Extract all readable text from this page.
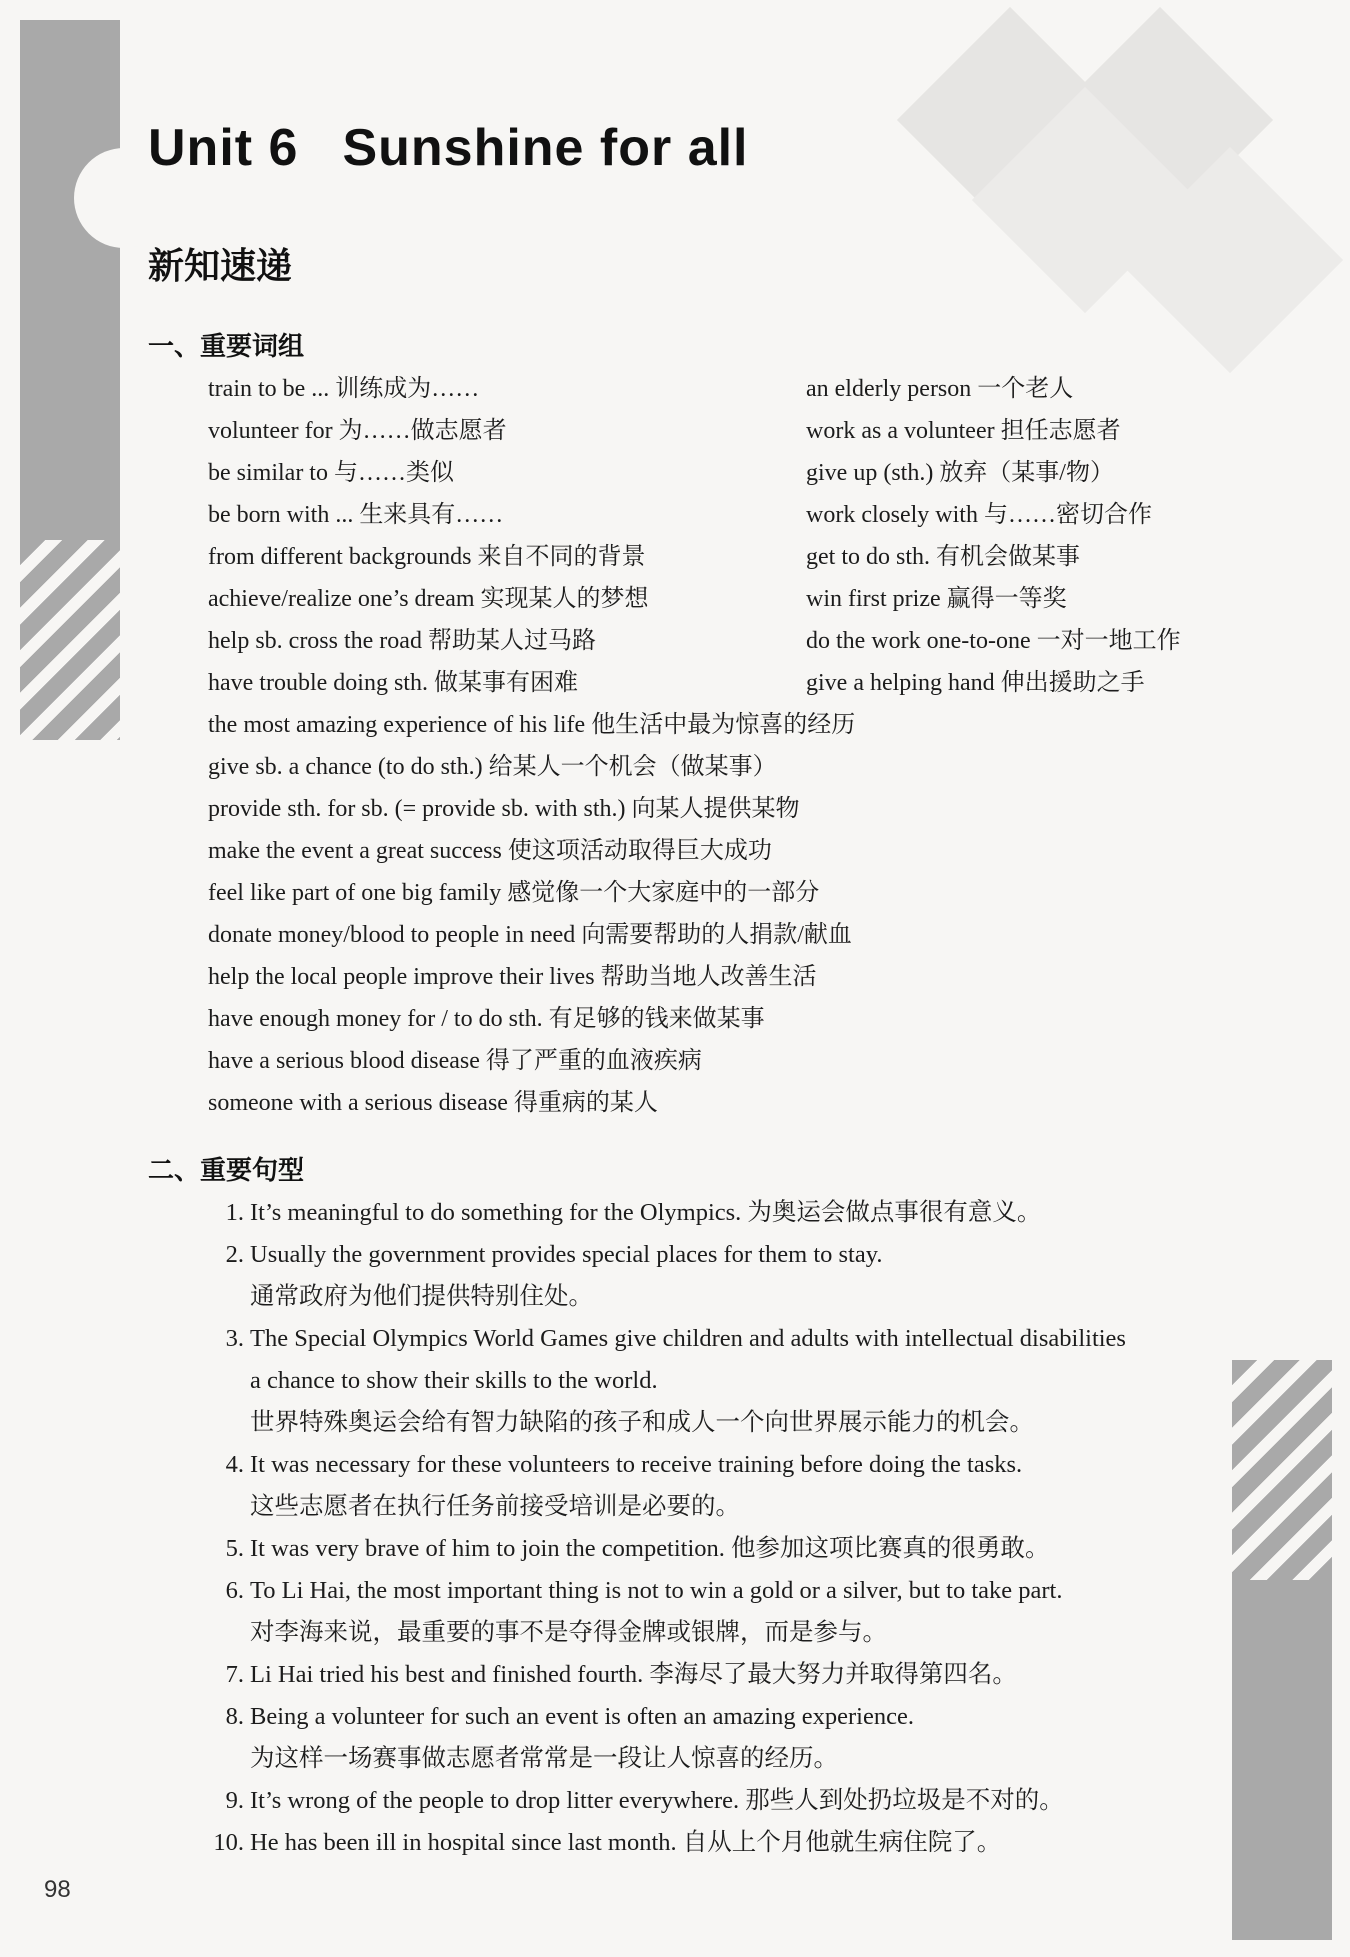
Unit 6 Sunshine for all
新知速递
一、重要词组
train to be ... 训练成为……	an elderly person 一个老人
volunteer for 为……做志愿者	work as a volunteer 担任志愿者
be similar to 与……类似	give up (sth.) 放弃（某事/物）
be born with ... 生来具有……	work closely with 与……密切合作
from different backgrounds 来自不同的背景	get to do sth. 有机会做某事
achieve/realize one’s dream 实现某人的梦想	win first prize 赢得一等奖
help sb. cross the road 帮助某人过马路	do the work one-to-one 一对一地工作
have trouble doing sth. 做某事有困难	give a helping hand 伸出援助之手
the most amazing experience of his life 他生活中最为惊喜的经历
give sb. a chance (to do sth.) 给某人一个机会（做某事）
provide sth. for sb. (= provide sb. with sth.) 向某人提供某物
make the event a great success 使这项活动取得巨大成功
feel like part of one big family 感觉像一个大家庭中的一部分
donate money/blood to people in need 向需要帮助的人捐款/献血
help the local people improve their lives 帮助当地人改善生活
have enough money for / to do sth. 有足够的钱来做某事
have a serious blood disease 得了严重的血液疾病
someone with a serious disease 得重病的某人
二、重要句型
1. It’s meaningful to do something for the Olympics. 为奥运会做点事很有意义。
2. Usually the government provides special places for them to stay.
通常政府为他们提供特别住处。
3. The Special Olympics World Games give children and adults with intellectual disabilities
a chance to show their skills to the world.
世界特殊奥运会给有智力缺陷的孩子和成人一个向世界展示能力的机会。
4. It was necessary for these volunteers to receive training before doing the tasks.
这些志愿者在执行任务前接受培训是必要的。
5. It was very brave of him to join the competition. 他参加这项比赛真的很勇敢。
6. To Li Hai, the most important thing is not to win a gold or a silver, but to take part.
对李海来说，最重要的事不是夺得金牌或银牌，而是参与。
7. Li Hai tried his best and finished fourth. 李海尽了最大努力并取得第四名。
8. Being a volunteer for such an event is often an amazing experience.
为这样一场赛事做志愿者常常是一段让人惊喜的经历。
9. It’s wrong of the people to drop litter everywhere. 那些人到处扔垃圾是不对的。
10. He has been ill in hospital since last month. 自从上个月他就生病住院了。

98
